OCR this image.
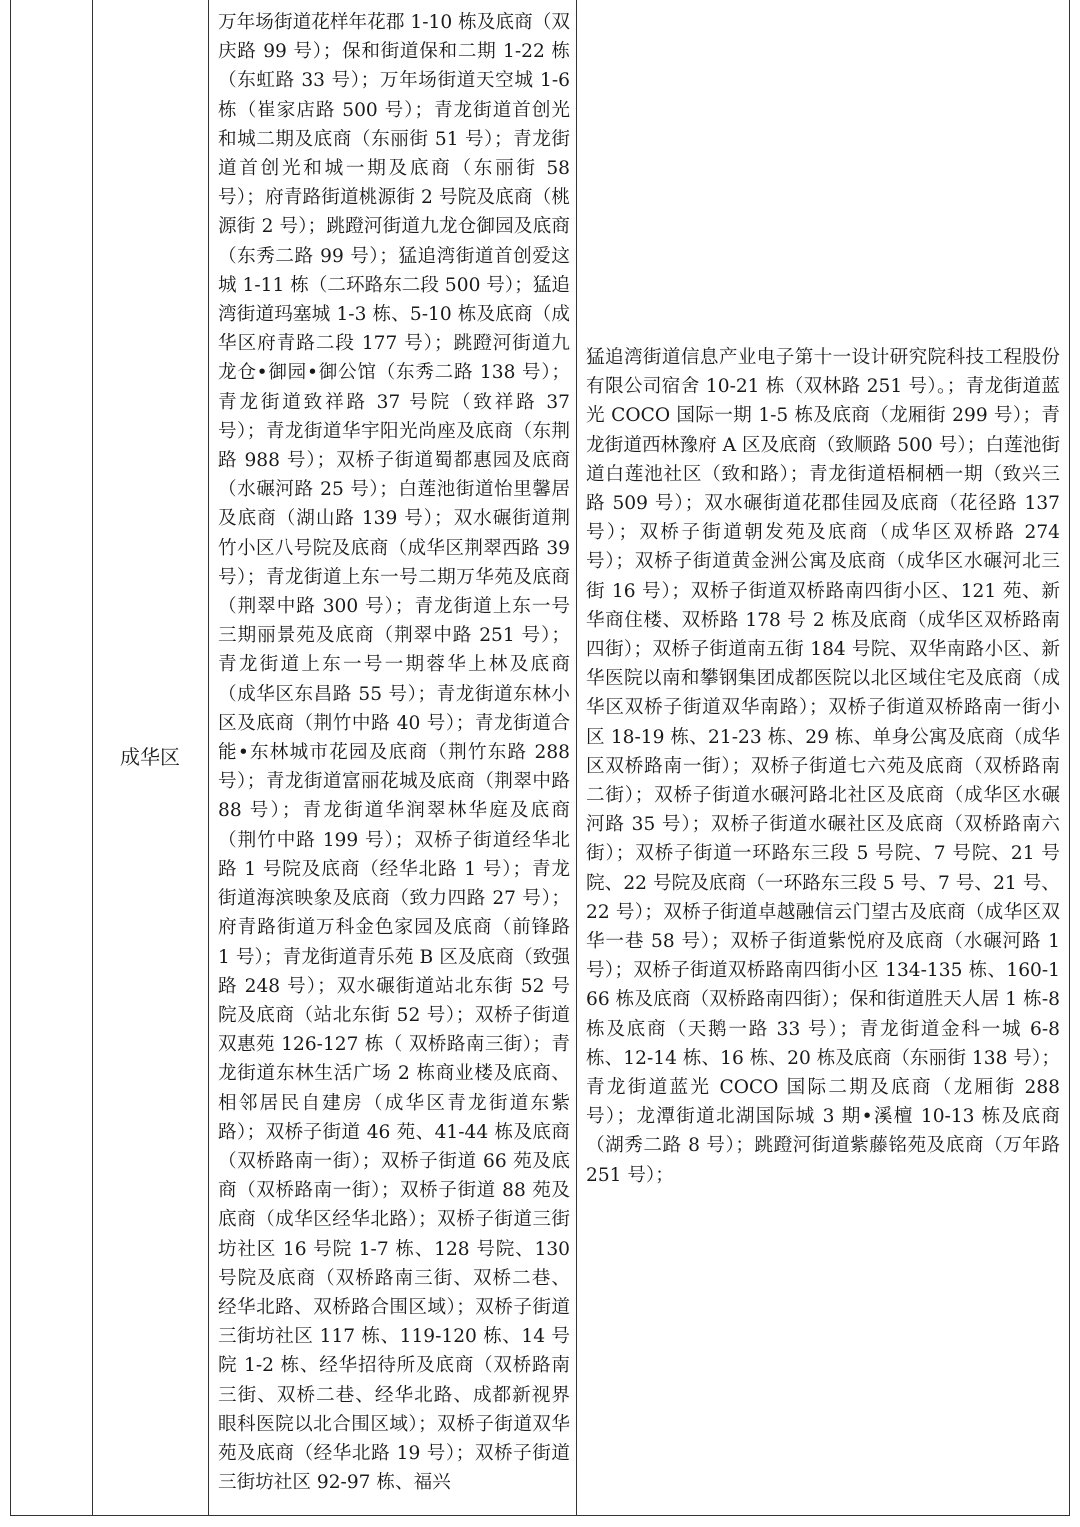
成华区
万年场街道花样年花郡 1-10 栋及底商（双庆路 99 号）；保和街道保和二期 1-22 栋（东虹路 33 号）；万年场街道天空城 1-6 栋（崔家店路 500 号）；青龙街道首创光和城二期及底商（东丽街 51 号）；青龙街道首创光和城一期及底商（东丽街 58 号）；府青路街道桃源街 2 号院及底商（桃源街 2 号）；跳蹬河街道九龙仓御园及底商（东秀二路 99 号）；猛追湾街道首创爱这城 1-11 栋（二环路东二段 500 号）；猛追湾街道玛塞城 1-3 栋、5-10 栋及底商（成华区府青路二段 177 号）；跳蹬河街道九龙仓•御园•御公馆（东秀二路 138 号）；青龙街道致祥路 37 号院（致祥路 37 号）；青龙街道华宇阳光尚座及底商（东荆路 988 号）；双桥子街道蜀都惠园及底商（水碾河路 25 号）；白莲池街道怡里馨居及底商（湖山路 139 号）；双水碾街道荆竹小区八号院及底商（成华区荆翠西路 39 号）；青龙街道上东一号二期万华苑及底商（荆翠中路 300 号）；青龙街道上东一号三期丽景苑及底商（荆翠中路 251 号）；青龙街道上东一号一期蓉华上林及底商（成华区东昌路 55 号）；青龙街道东林小区及底商（荆竹中路 40 号）；青龙街道合能•东林城市花园及底商（荆竹东路 288 号）；青龙街道富丽花城及底商（荆翠中路 88 号）；青龙街道华润翠林华庭及底商（荆竹中路 199 号）；双桥子街道经华北路 1 号院及底商（经华北路 1 号）；青龙街道海滨映象及底商（致力四路 27 号）；府青路街道万科金色家园及底商（前锋路 1 号）；青龙街道青乐苑 B 区及底商（致强路 248 号）；双水碾街道站北东街 52 号院及底商（站北东街 52 号）；双桥子街道双惠苑 126-127 栋（ 双桥路南三街）；青龙街道东林生活广场 2 栋商业楼及底商、相邻居民自建房（成华区青龙街道东紫路）；双桥子街道 46 苑、41-44 栋及底商（双桥路南一街）；双桥子街道 66 苑及底商（双桥路南一街）；双桥子街道 88 苑及底商（成华区经华北路）；双桥子街道三街坊社区 16 号院 1-7 栋、128 号院、130 号院及底商（双桥路南三街、双桥二巷、经华北路、双桥路合围区域）；双桥子街道三街坊社区 117 栋、119-120 栋、14 号院 1-2 栋、经华招待所及底商（双桥路南三街、双桥二巷、经华北路、成都新视界眼科医院以北合围区域）；双桥子街道双华苑及底商（经华北路 19 号）；双桥子街道三街坊社区 92-97 栋、福兴
猛追湾街道信息产业电子第十一设计研究院科技工程股份有限公司宿舍 10-21 栋（双林路 251 号）。；青龙街道蓝光 COCO 国际一期 1-5 栋及底商（龙厢街 299 号）；青龙街道西林豫府 A 区及底商（致顺路 500 号）；白莲池街道白莲池社区（致和路）；青龙街道梧桐栖一期（致兴三路 509 号）；双水碾街道花郡佳园及底商（花径路 137 号）；双桥子街道朝发苑及底商（成华区双桥路 274 号）；双桥子街道黄金洲公寓及底商（成华区水碾河北三街 16 号）；双桥子街道双桥路南四街小区、121 苑、新华商住楼、双桥路 178 号 2 栋及底商（成华区双桥路南四街）；双桥子街道南五街 184 号院、双华南路小区、新华医院以南和攀钢集团成都医院以北区域住宅及底商（成华区双桥子街道双华南路）；双桥子街道双桥路南一街小区 18-19 栋、21-23 栋、29 栋、单身公寓及底商（成华区双桥路南一街）；双桥子街道七六苑及底商（双桥路南二街）；双桥子街道水碾河路北社区及底商（成华区水碾河路 35 号）；双桥子街道水碾社区及底商（双桥路南六街）；双桥子街道一环路东三段 5 号院、7 号院、21 号院、22 号院及底商（一环路东三段 5 号、7 号、21 号、22 号）；双桥子街道卓越融信云门望古及底商（成华区双华一巷 58 号）；双桥子街道紫悦府及底商（水碾河路 1 号）；双桥子街道双桥路南四街小区 134-135 栋、160-166 栋及底商（双桥路南四街）；保和街道胜天人居 1 栋-8 栋及底商（天鹅一路 33 号）；青龙街道金科一城 6-8 栋、12-14 栋、16 栋、20 栋及底商（东丽街 138 号）；青龙街道蓝光 COCO 国际二期及底商（龙厢街 288 号）；龙潭街道北湖国际城 3 期•溪檀 10-13 栋及底商（湖秀二路 8 号）；跳蹬河街道紫藤铭苑及底商（万年路 251 号）；
